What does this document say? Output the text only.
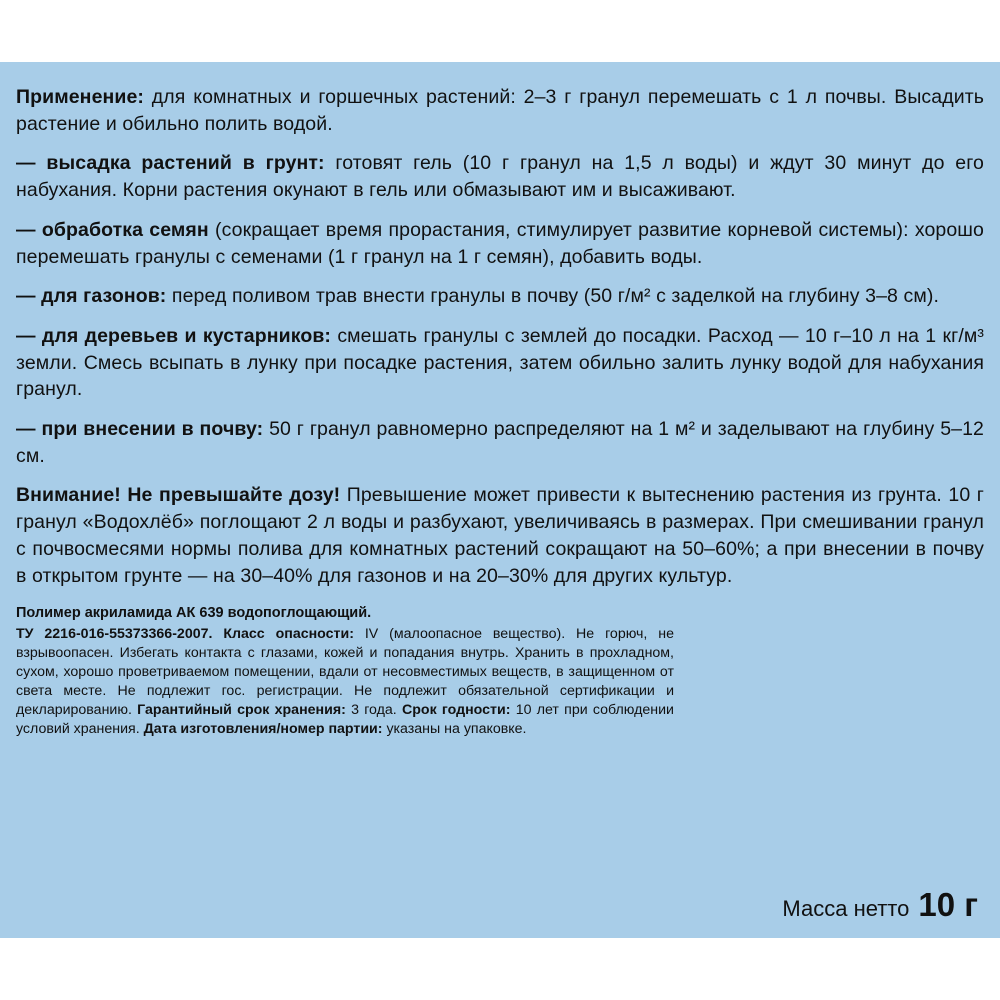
Применение: для комнатных и горшечных растений: 2–3 г гранул перемешать с 1 л почвы. Высадить растение и обильно полить водой.

— высадка растений в грунт: готовят гель (10 г гранул на 1,5 л воды) и ждут 30 минут до его набухания. Корни растения окунают в гель или обмазывают им и высаживают.

— обработка семян (сокращает время прорастания, стимулирует развитие корневой системы): хорошо перемешать гранулы с семенами (1 г гранул на 1 г семян), добавить воды.

— для газонов: перед поливом трав внести гранулы в почву (50 г/м² с заделкой на глубину 3–8 см).

— для деревьев и кустарников: смешать гранулы с землей до посадки. Расход — 10 г–10 л на 1 кг/м³ земли. Смесь всыпать в лунку при посадке растения, затем обильно залить лунку водой для набухания гранул.

— при внесении в почву: 50 г гранул равномерно распределяют на 1 м² и заделывают на глубину 5–12 см.

Внимание! Не превышайте дозу! Превышение может привести к вытеснению растения из грунта. 10 г гранул «Водохлёб» поглощают 2 л воды и разбухают, увеличиваясь в размерах. При смешивании гранул с почвосмесями нормы полива для комнатных растений сокращают на 50–60%; а при внесении в почву в открытом грунте — на 30–40% для газонов и на 20–30% для других культур.

Полимер акриламида АК 639 водопоглощающий.

ТУ 2216-016-55373366-2007. Класс опасности: IV (малоопасное вещество). Не горюч, не взрывоопасен. Избегать контакта с глазами, кожей и попадания внутрь. Хранить в прохладном, сухом, хорошо проветриваемом помещении, вдали от несовместимых веществ, в защищенном от света месте. Не подлежит гос. регистрации. Не подлежит обязательной сертификации и декларированию. Гарантийный срок хранения: 3 года. Срок годности: 10 лет при соблюдении условий хранения. Дата изготовления/номер партии: указаны на упаковке.

Масса нетто 10 г
